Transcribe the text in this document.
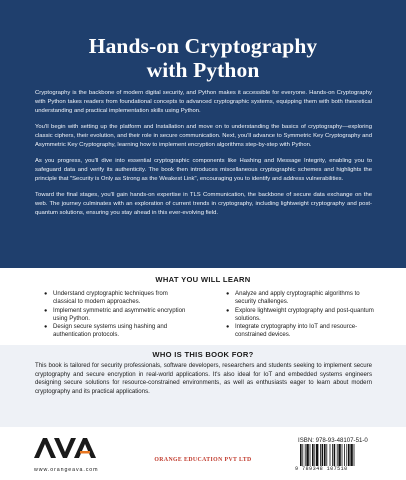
Hands-on Cryptography
with Python

Cryptography is the backbone of modern digital security, and Python makes it accessible for everyone. Hands-on Cryptography with Python takes readers from foundational concepts to advanced cryptographic systems, equipping them with both theoretical understanding and practical implementation skills using Python.

You'll begin with setting up the platform and Installation and move on to understanding the basics of cryptography—exploring classic ciphers, their evolution, and their role in secure communication. Next, you'll advance to Symmetric Key Cryptography and Asymmetric Key Cryptography, learning how to implement encryption algorithms step-by-step with Python.

As you progress, you'll dive into essential cryptographic components like Hashing and Message Integrity, enabling you to safeguard data and verify its authenticity. The book then introduces miscellaneous cryptographic schemes and highlights the principle that "Security is Only as Strong as the Weakest Link", encouraging you to identify and address vulnerabilities.

Toward the final stages, you'll gain hands-on expertise in TLS Communication, the backbone of secure data exchange on the web. The journey culminates with an exploration of current trends in cryptography, including lightweight cryptography and post-quantum solutions, ensuring you stay ahead in this ever-evolving field.

WHAT YOU WILL LEARN
● Understand cryptographic techniques from classical to modern approaches.
● Implement symmetric and asymmetric encryption using Python.
● Design secure systems using hashing and authentication protocols.
● Analyze and apply cryptographic algorithms to security challenges.
● Explore lightweight cryptography and post-quantum solutions.
● Integrate cryptography into IoT and resource-constrained devices.
WHO IS THIS BOOK FOR?
This book is tailored for security professionals, software developers, researchers and students seeking to implement secure cryptography and secure encryption in real-world applications. It's also ideal for IoT and embedded systems engineers designing secure solutions for resource-constrained environments, as well as enthusiasts eager to learn about modern cryptography and its practical applications.
www.orangeava.com
ORANGE EDUCATION PVT LTD
ISBN: 978-93-48107-51-0
9 789348 107510
